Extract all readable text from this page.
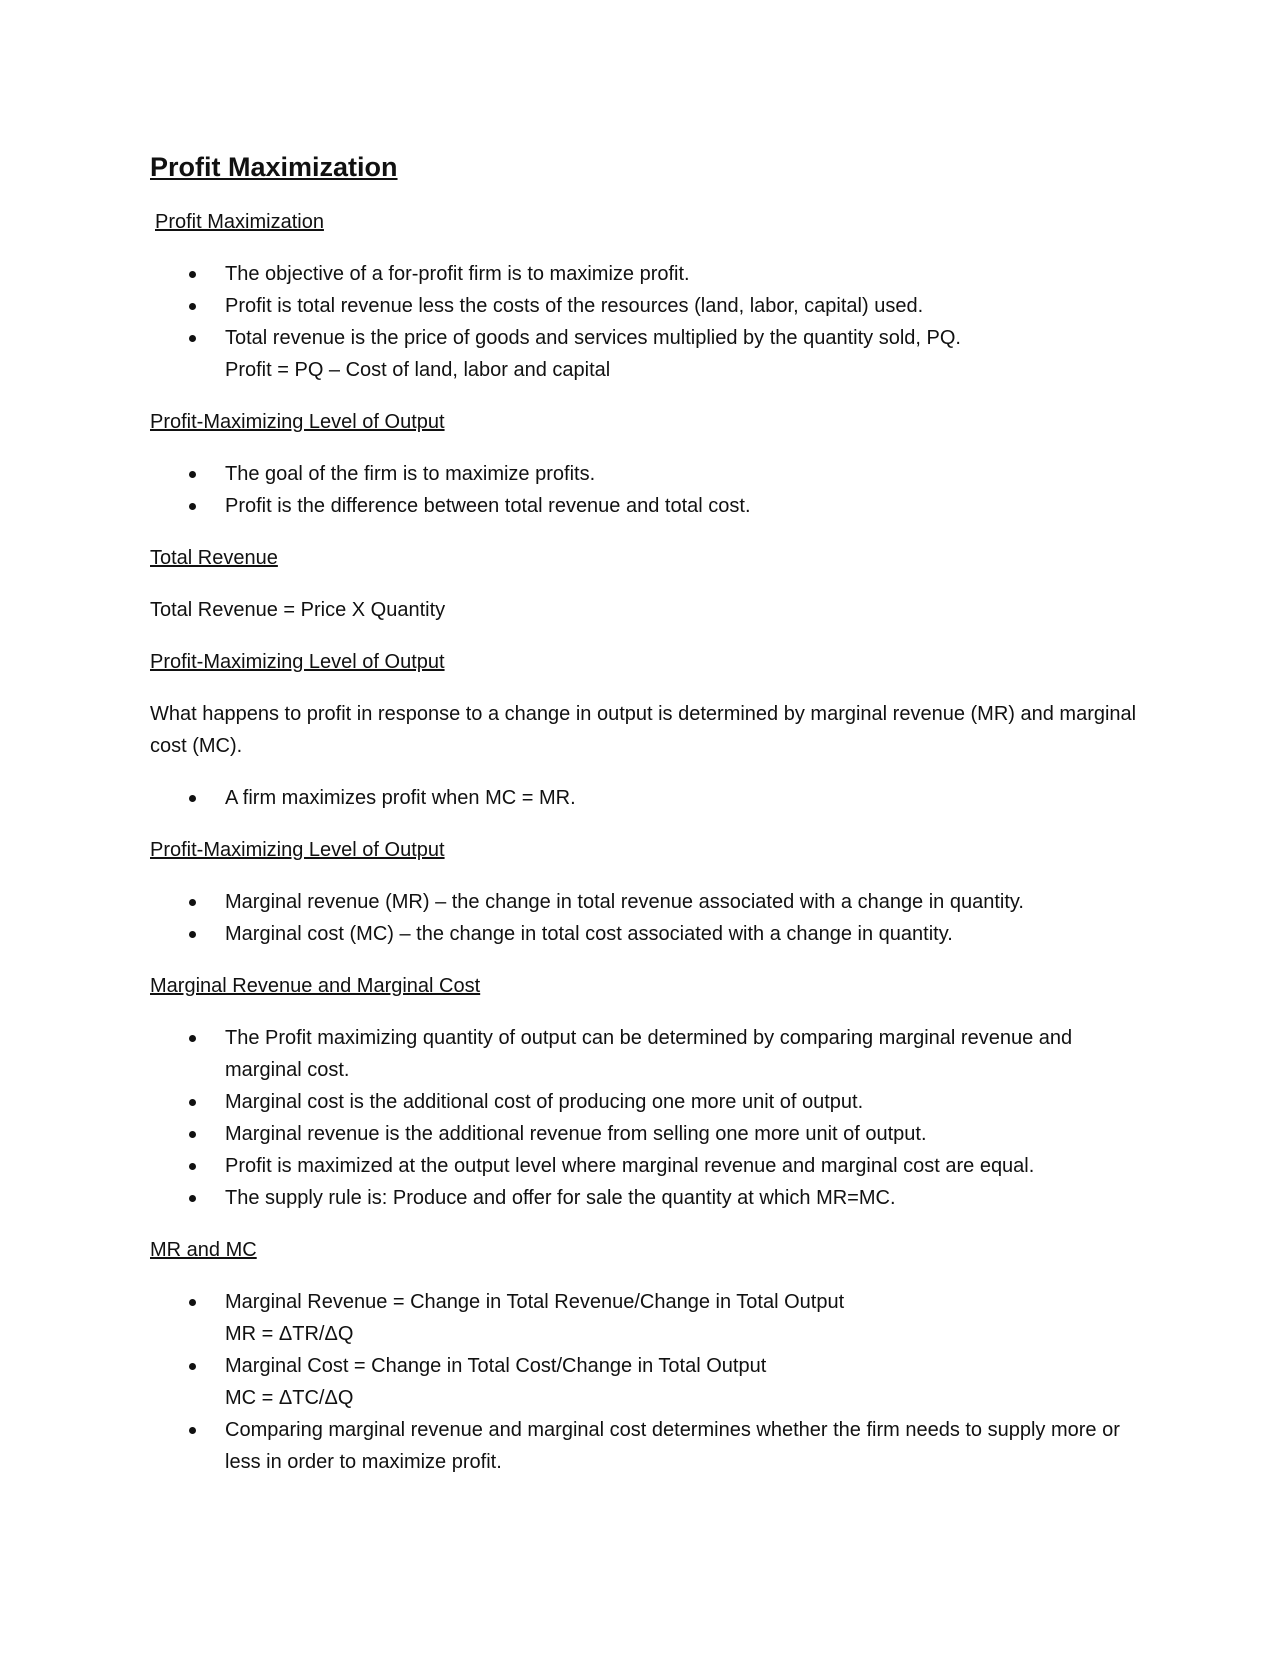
Profit Maximization
Profit Maximization
The objective of a for-profit firm is to maximize profit.
Profit is total revenue less the costs of the resources (land, labor, capital) used.
Total revenue is the price of goods and services multiplied by the quantity sold, PQ.
Profit = PQ – Cost of land, labor and capital
Profit-Maximizing Level of Output
The goal of the firm is to maximize profits.
Profit is the difference between total revenue and total cost.
Total Revenue
Total Revenue = Price X Quantity
Profit-Maximizing Level of Output
What happens to profit in response to a change in output is determined by marginal revenue (MR) and marginal cost (MC).
A firm maximizes profit when MC = MR.
Profit-Maximizing Level of Output
Marginal revenue (MR) – the change in total revenue associated with a change in quantity.
Marginal cost (MC) – the change in total cost associated with a change in quantity.
Marginal Revenue and Marginal Cost
The Profit maximizing quantity of output can be determined by comparing marginal revenue and marginal cost.
Marginal cost is the additional cost of producing one more unit of output.
Marginal revenue is the additional revenue from selling one more unit of output.
Profit is maximized at the output level where marginal revenue and marginal cost are equal.
The supply rule is: Produce and offer for sale the quantity at which MR=MC.
MR and MC
Marginal Revenue = Change in Total Revenue/Change in Total Output
MR = ΔTR/ΔQ
Marginal Cost = Change in Total Cost/Change in Total Output
MC = ΔTC/ΔQ
Comparing marginal revenue and marginal cost determines whether the firm needs to supply more or less in order to maximize profit.
